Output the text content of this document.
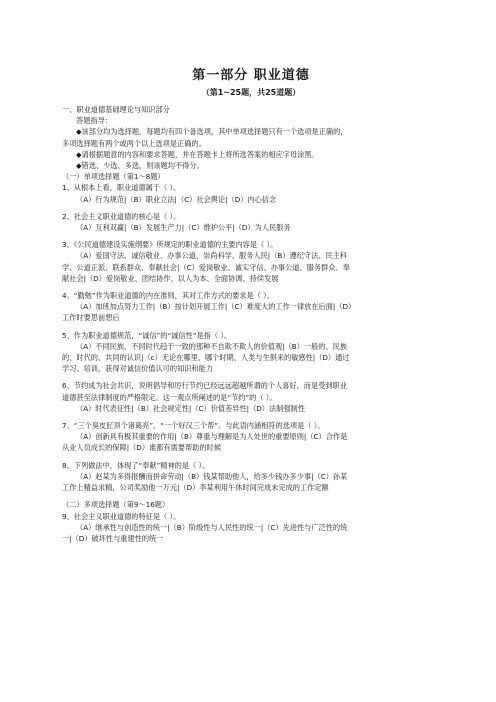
第一部分 职业道德
（第1~25题，共25道题）

一、职业道德基础理论与知识部分

答题指导：

◆该部分均为选择题，每题均有四个备选项，其中单项选择题只有一个选项是正确的，

多项选择题有两个或两个以上选项是正确的。

◆请根据题意的内容和要求答题，并在答题卡上将所选答案的相应字母涂黑。

◆错选、少选、多选，则该题均不得分。

（一）单项选择题（第1～8题）

1、从根本上看，职业道德属于（ ）。

（A）行为规范|（B）职业立法|（C）社会舆论|（D）内心信念

2、社会主义职业道德的核心是（ ）。

（A）互利双赢|（B）发展生产力|（C）维护公平|（D）为人民服务

3、《公民道德建设实施纲要》所规定的职业道德的主要内容是（ ）。

（A）爱国守法、诚信敬业、办事公道、崇尚科学、服务人民|（B）遵纪守法、民主科

学、公道正派、联系群众、奉献社会|（C）爱岗敬业、诚实守信、办事公道、服务群众、奉

献社会|（D）爱岗敬业、团结协作、以人为本、全面协调、持续发展

4、“勤勉”作为职业道德的内在准则，其对工作方式的要求是（ ）。

（A）加班加点努力工作|（B）按计划开展工作|（C）难度大的工作一律放在后面|（D）

工作时要思前想后

5、作为职业道德规范，“诚信”的“诚信性”是指（ ）。

（A）不同民族、不同时代趋于一致的那种不自欺不欺人的价值观|（B）一般的、民族

的、时代的、共同的认识|（c）无论在哪里、哪个时期，人类与生俱来的敏感性|（D）通过

学习、培训，获得对诚信价值认可的知识和能力

6、节约成为社会共识，说明倡导和厉行节约已经远远超越所谓的个人喜好，而是受到职业

道德甚至法律制度的严格限定。这一观点所阐述的是“节约”的（ ）。

（A）时代表征性|（B）社会规定性|（C）价值差异性|（D）法制强制性

7、“三个臭皮匠顶个诸葛亮”、“一个好汉三个帮”。与此语内涵相符的选项是（ ）。

（A）创新具有极其重要的作用|（B）尊重与理解是为人处世的重要原则|（C）合作是

从业人员成长的保障|（D）谁都有需要帮助的时候

8、下列做法中，体现了“奉献”精神的是（ ）。

（A）赵某为多得报酬而拼命劳动|（B）钱某帮助他人，给多少钱办多少事|（C）孙某

工作上精益求精，公司奖励他一万元|（D）李某利用午休时间完成未完成的工作定额

（二）多项选择题（第9～16题）

9、社会主义职业道德的特征是（ ）。

（A）继承性与创造性的统一|（B）阶级性与人民性的统一|（C）先进性与广泛性的统

一|（D）破坏性与重建性的统一
